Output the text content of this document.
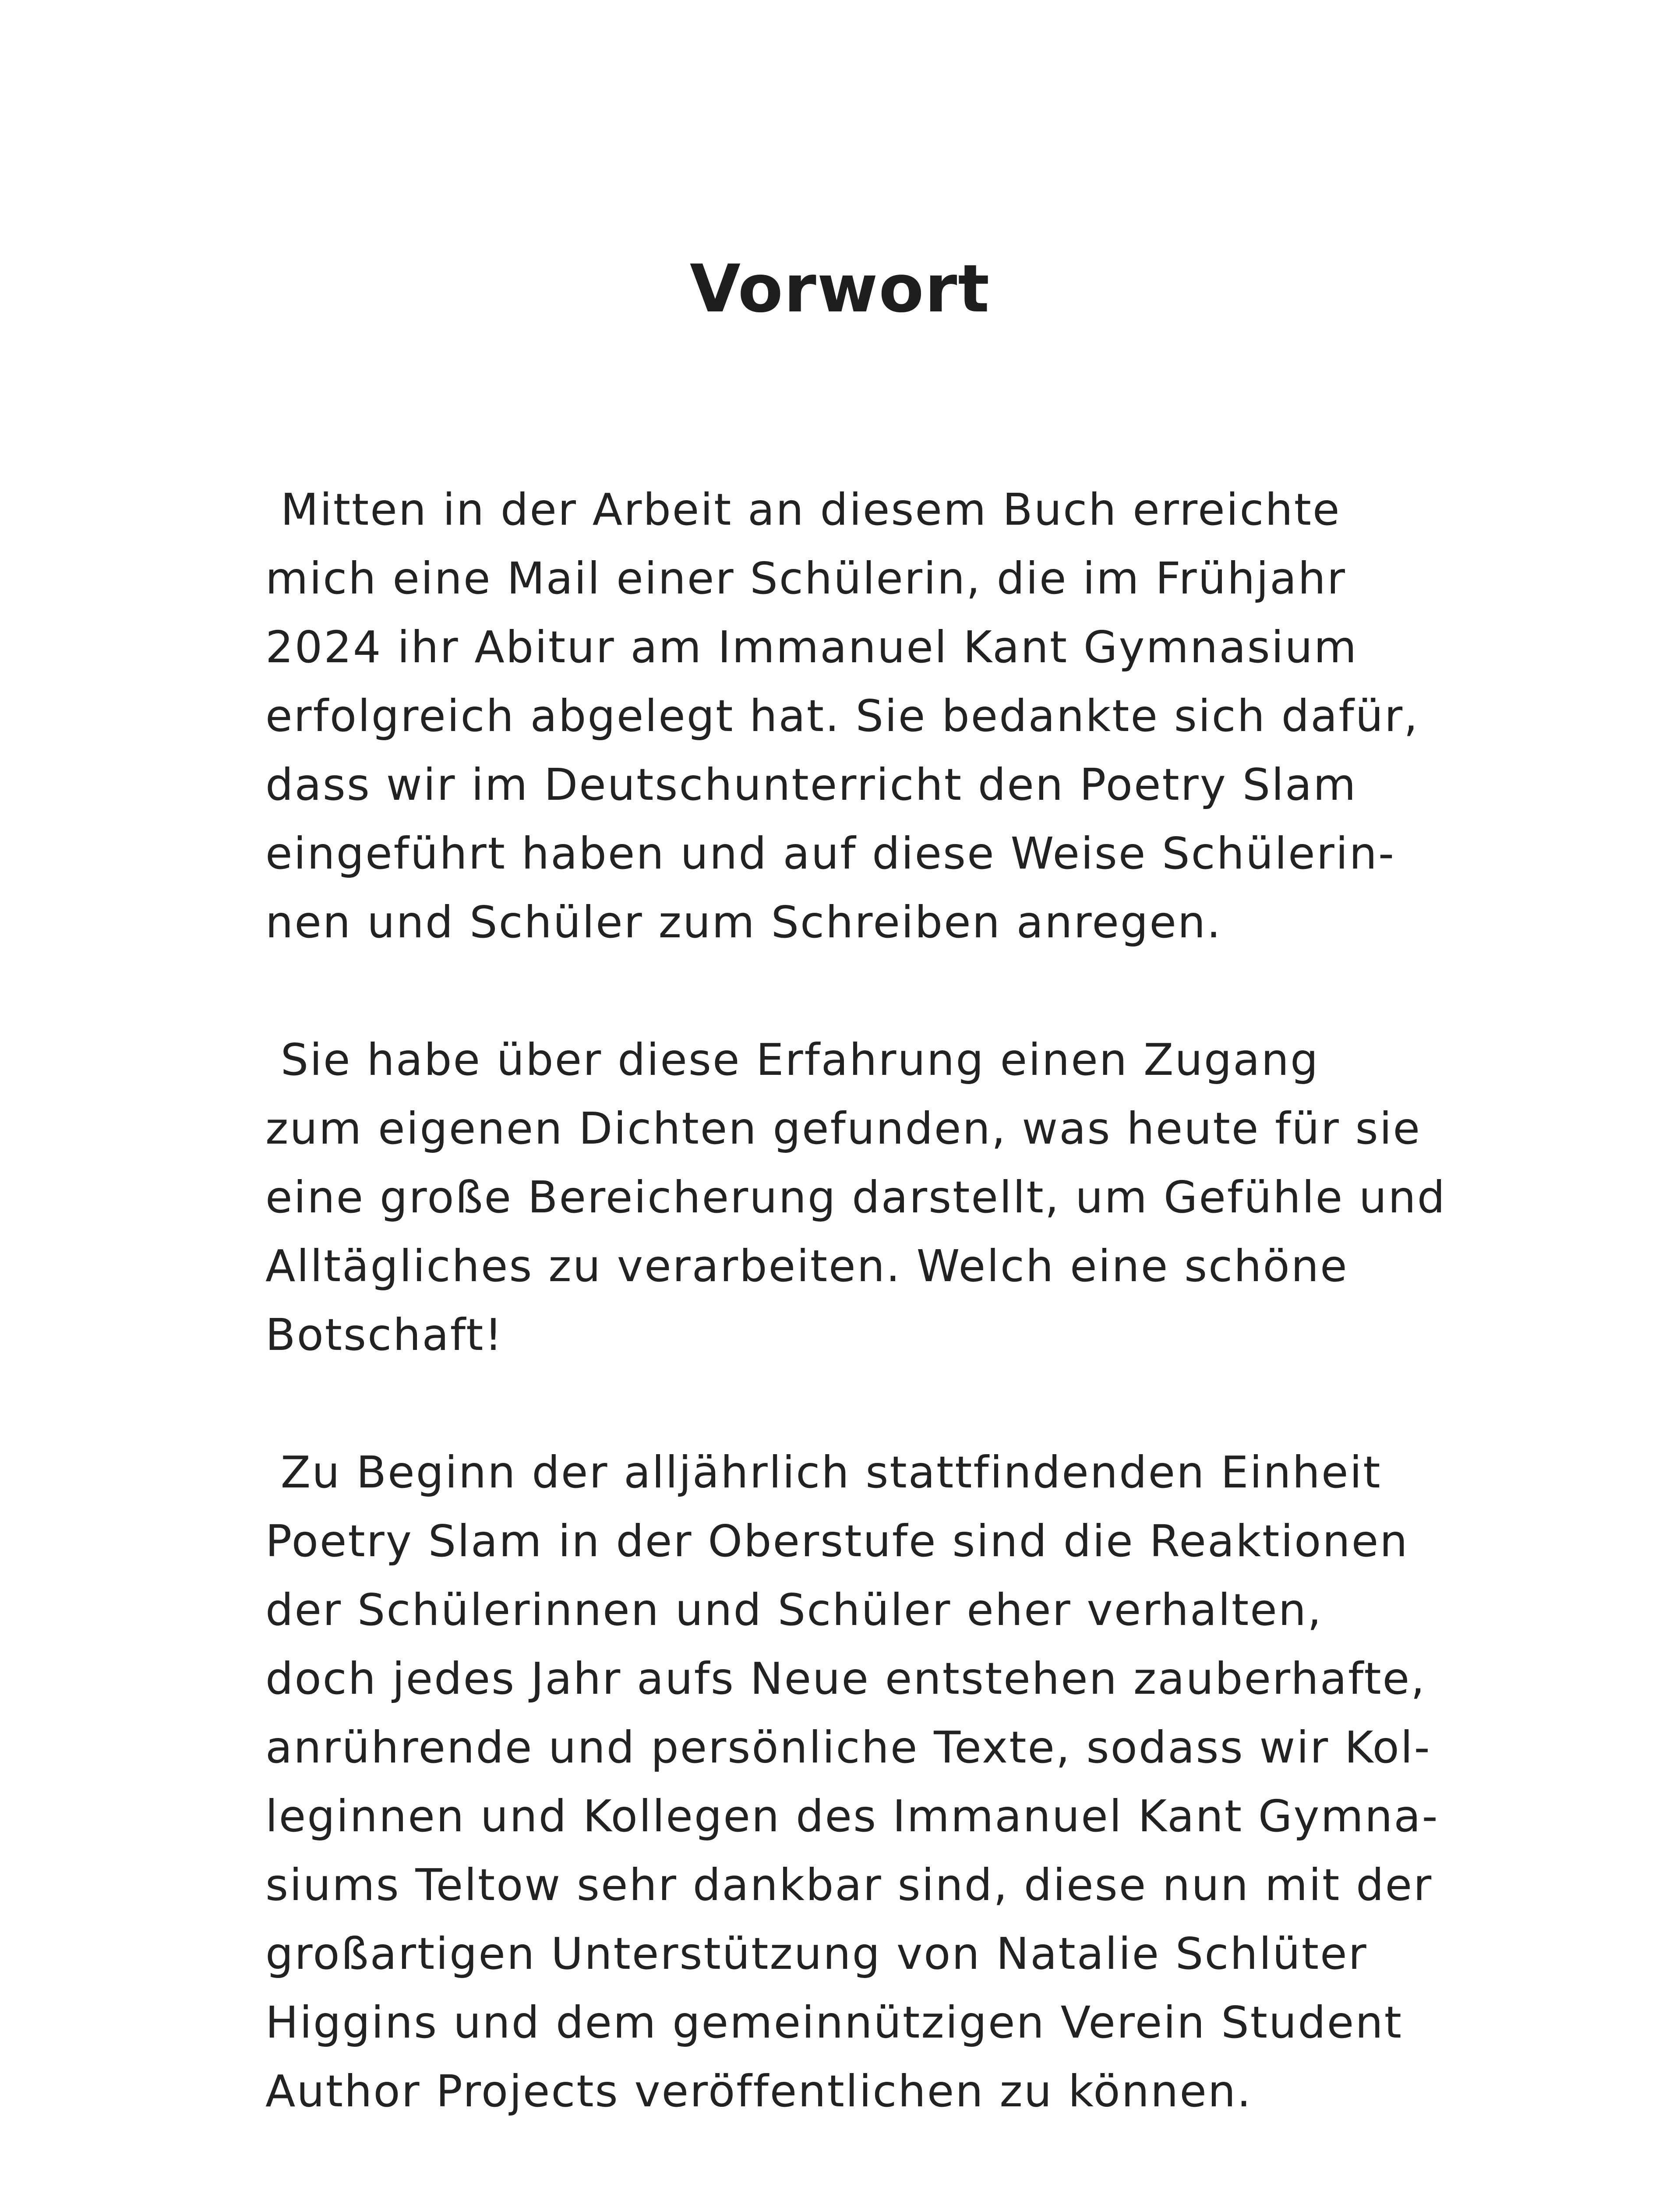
Vorwort

Mitten in der Arbeit an diesem Buch erreichte
mich eine Mail einer Schülerin, die im Frühjahr
2024 ihr Abitur am Immanuel Kant Gymnasium
erfolgreich abgelegt hat. Sie bedankte sich dafür,
dass wir im Deutschunterricht den Poetry Slam
eingeführt haben und auf diese Weise Schülerin-
nen und Schüler zum Schreiben anregen.

Sie habe über diese Erfahrung einen Zugang
zum eigenen Dichten gefunden, was heute für sie
eine große Bereicherung darstellt, um Gefühle und
Alltägliches zu verarbeiten. Welch eine schöne
Botschaft!

Zu Beginn der alljährlich stattfindenden Einheit
Poetry Slam in der Oberstufe sind die Reaktionen
der Schülerinnen und Schüler eher verhalten,
doch jedes Jahr aufs Neue entstehen zauberhafte,
anrührende und persönliche Texte, sodass wir Kol-
leginnen und Kollegen des Immanuel Kant Gymna-
siums Teltow sehr dankbar sind, diese nun mit der
großartigen Unterstützung von Natalie Schlüter
Higgins und dem gemeinnützigen Verein Student
Author Projects veröffentlichen zu können.
